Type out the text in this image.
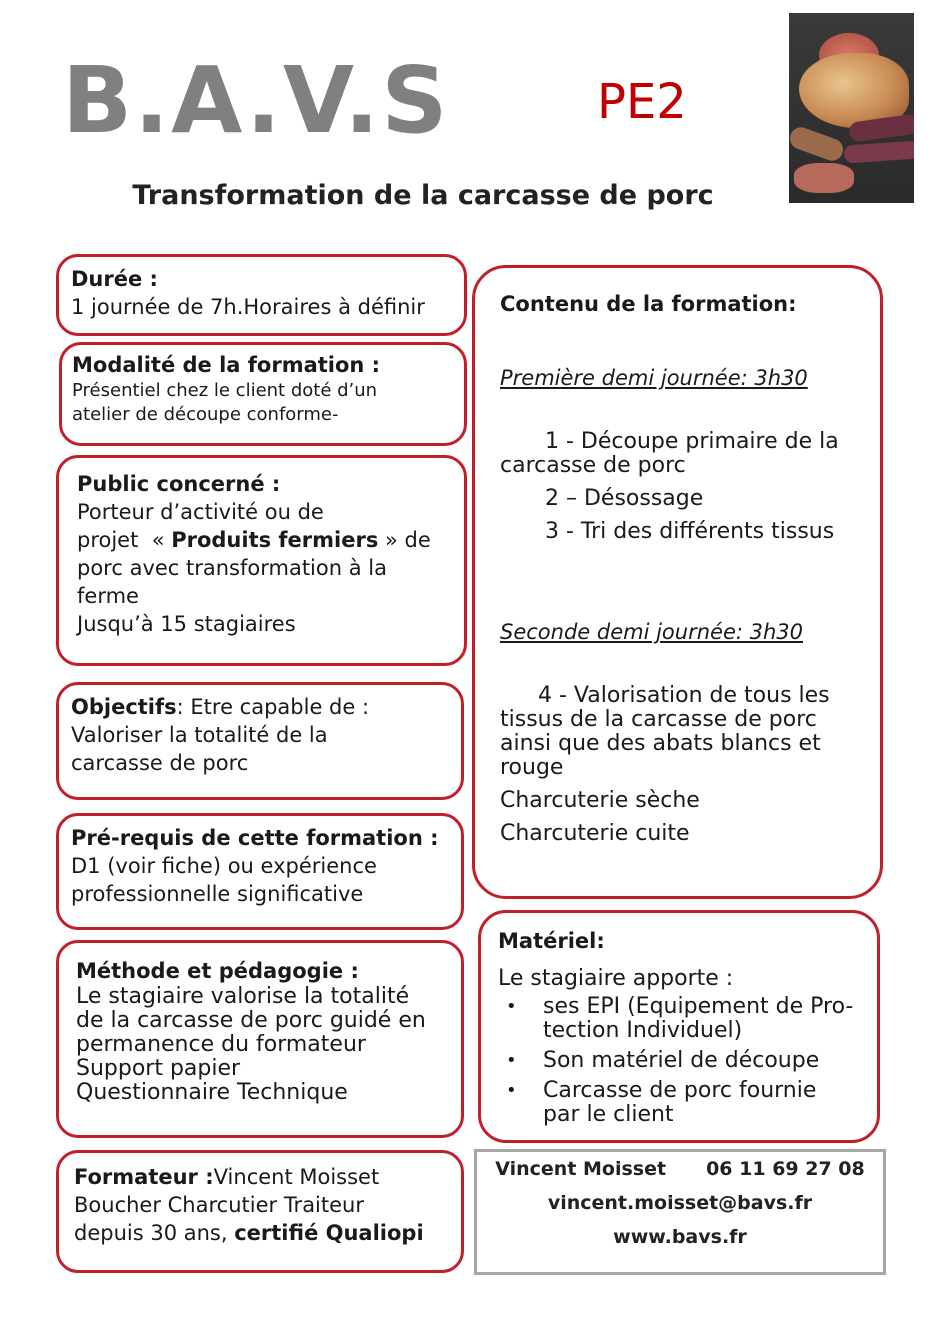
B.A.V.S	PE2
Transformation de la carcasse de porc

Durée :

1 journée de 7h.Horaires à définir

Modalité de la formation :

Présentiel chez le client doté d’un

atelier de découpe conforme-

Public concerné :

Porteur d’activité ou de

projet  « Produits fermiers » de

porc avec transformation à la

ferme

Jusqu’à 15 stagiaires

Objectifs: Etre capable de :

Valoriser la totalité de la

carcasse de porc

Pré-requis de cette formation :

D1 (voir fiche) ou expérience

professionnelle significative

Méthode et pédagogie :

Le stagiaire valorise la totalité

de la carcasse de porc guidé en

permanence du formateur

Support papier

Questionnaire Technique

Formateur :Vincent Moisset

Boucher Charcutier Traiteur

depuis 30 ans, certifié Qualiopi

Contenu de la formation:

Première demi journée: 3h30

1 - Découpe primaire de la

carcasse de porc

2 – Désossage

3 - Tri des différents tissus

Seconde demi journée: 3h30

4 - Valorisation de tous les

tissus de la carcasse de porc

ainsi que des abats blancs et

rouge

Charcuterie sèche

Charcuterie cuite

Matériel:

Le stagiaire apporte :

• ses EPI (Equipement de Pro-
tection Individuel)
• Son matériel de découpe
• Carcasse de porc fournie
par le client
Vincent Moisset 06 11 69 27 08
vincent.moisset@bavs.fr
www.bavs.fr
